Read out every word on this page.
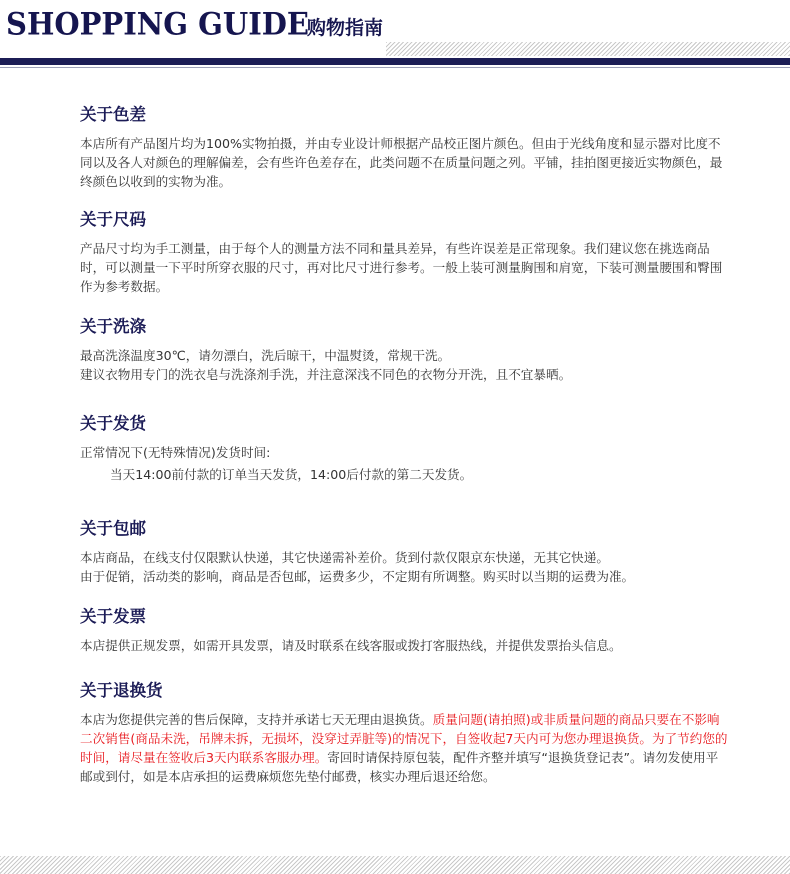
SHOPPING GUIDE
购物指南
关于色差

本店所有产品图片均为100%实物拍摄，并由专业设计师根据产品校正图片颜色。但由于光线角度和显示器对比度不同以及各人对颜色的理解偏差，会有些许色差存在，此类问题不在质量问题之列。平铺，挂拍图更接近实物颜色，最终颜色以收到的实物为准。

关于尺码

产品尺寸均为手工测量，由于每个人的测量方法不同和量具差异，有些许误差是正常现象。我们建议您在挑选商品时，可以测量一下平时所穿衣服的尺寸，再对比尺寸进行参考。一般上装可测量胸围和肩宽，下装可测量腰围和臀围作为参考数据。

关于洗涤

最高洗涤温度30℃，请勿漂白，洗后晾干，中温熨烫，常规干洗。

建议衣物用专门的洗衣皂与洗涤剂手洗，并注意深浅不同色的衣物分开洗，且不宜暴晒。

关于发货

正常情况下(无特殊情况)发货时间:

当天14:00前付款的订单当天发货，14:00后付款的第二天发货。

关于包邮

本店商品，在线支付仅限默认快递，其它快递需补差价。货到付款仅限京东快递，无其它快递。

由于促销，活动类的影响，商品是否包邮，运费多少，不定期有所调整。购买时以当期的运费为准。

关于发票

本店提供正规发票，如需开具发票，请及时联系在线客服或拨打客服热线，并提供发票抬头信息。

关于退换货

本店为您提供完善的售后保障，支持并承诺七天无理由退换货。质量问题(请拍照)或非质量问题的商品只要在不影响二次销售(商品未洗，吊牌未拆，无损坏，没穿过弄脏等)的情况下，自签收起7天内可为您办理退换货。为了节约您的时间，请尽量在签收后3天内联系客服办理。寄回时请保持原包装，配件齐整并填写“退换货登记表”。请勿发使用平邮或到付，如是本店承担的运费麻烦您先垫付邮费，核实办理后退还给您。
